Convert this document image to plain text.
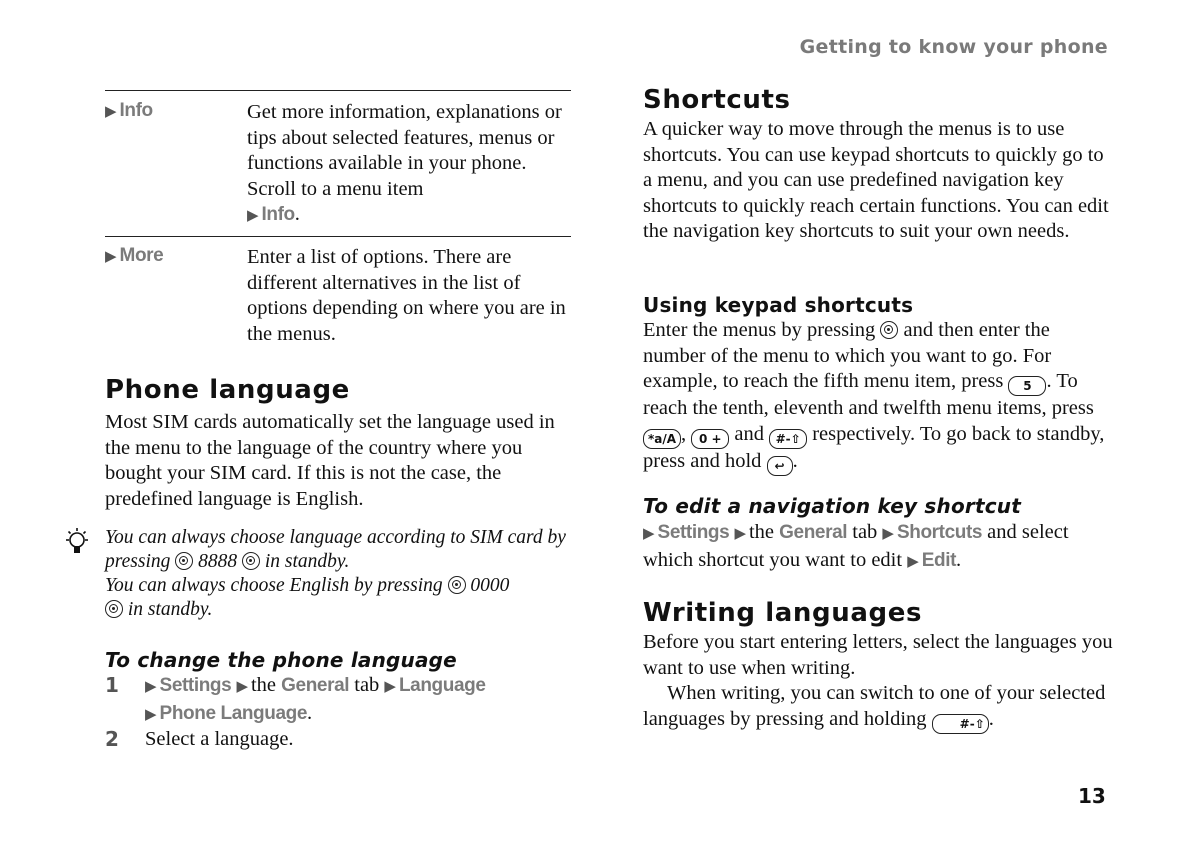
Getting to know your phone
13
▶ Info	Get more information, explanations or tips about selected features, menus or functions available in your phone. Scroll to a menu item
▶ Info.
▶ More	Enter a list of options. There are different alternatives in the list of options depending on where you are in the menus.
Phone language
Most SIM cards automatically set the language used in the menu to the language of the country where you bought your SIM card. If this is not the case, the predefined language is English.
You can always choose language according to SIM card by pressing 8888 in standby.
You can always choose English by pressing 0000
in standby.
To change the phone language
1 ▶ Settings ▶ the General tab ▶ Language
▶ Phone Language.
2 Select a language.
Shortcuts
A quicker way to move through the menus is to use shortcuts. You can use keypad shortcuts to quickly go to a menu, and you can use predefined navigation key shortcuts to quickly reach certain functions. You can edit the navigation key shortcuts to suit your own needs.
Using keypad shortcuts
Enter the menus by pressing and then enter the number of the menu to which you want to go. For example, to reach the fifth menu item, press 5 . To reach the tenth, eleventh and twelfth menu items, press *a/A , 0 + and #-⇧ respectively. To go back to standby, press and hold ↩ .
To edit a navigation key shortcut
▶ Settings ▶ the General tab ▶ Shortcuts and select which shortcut you want to edit ▶ Edit.
Writing languages
Before you start entering letters, select the languages you want to use when writing.
When writing, you can switch to one of your selected languages by pressing and holding	#-⇧ .
